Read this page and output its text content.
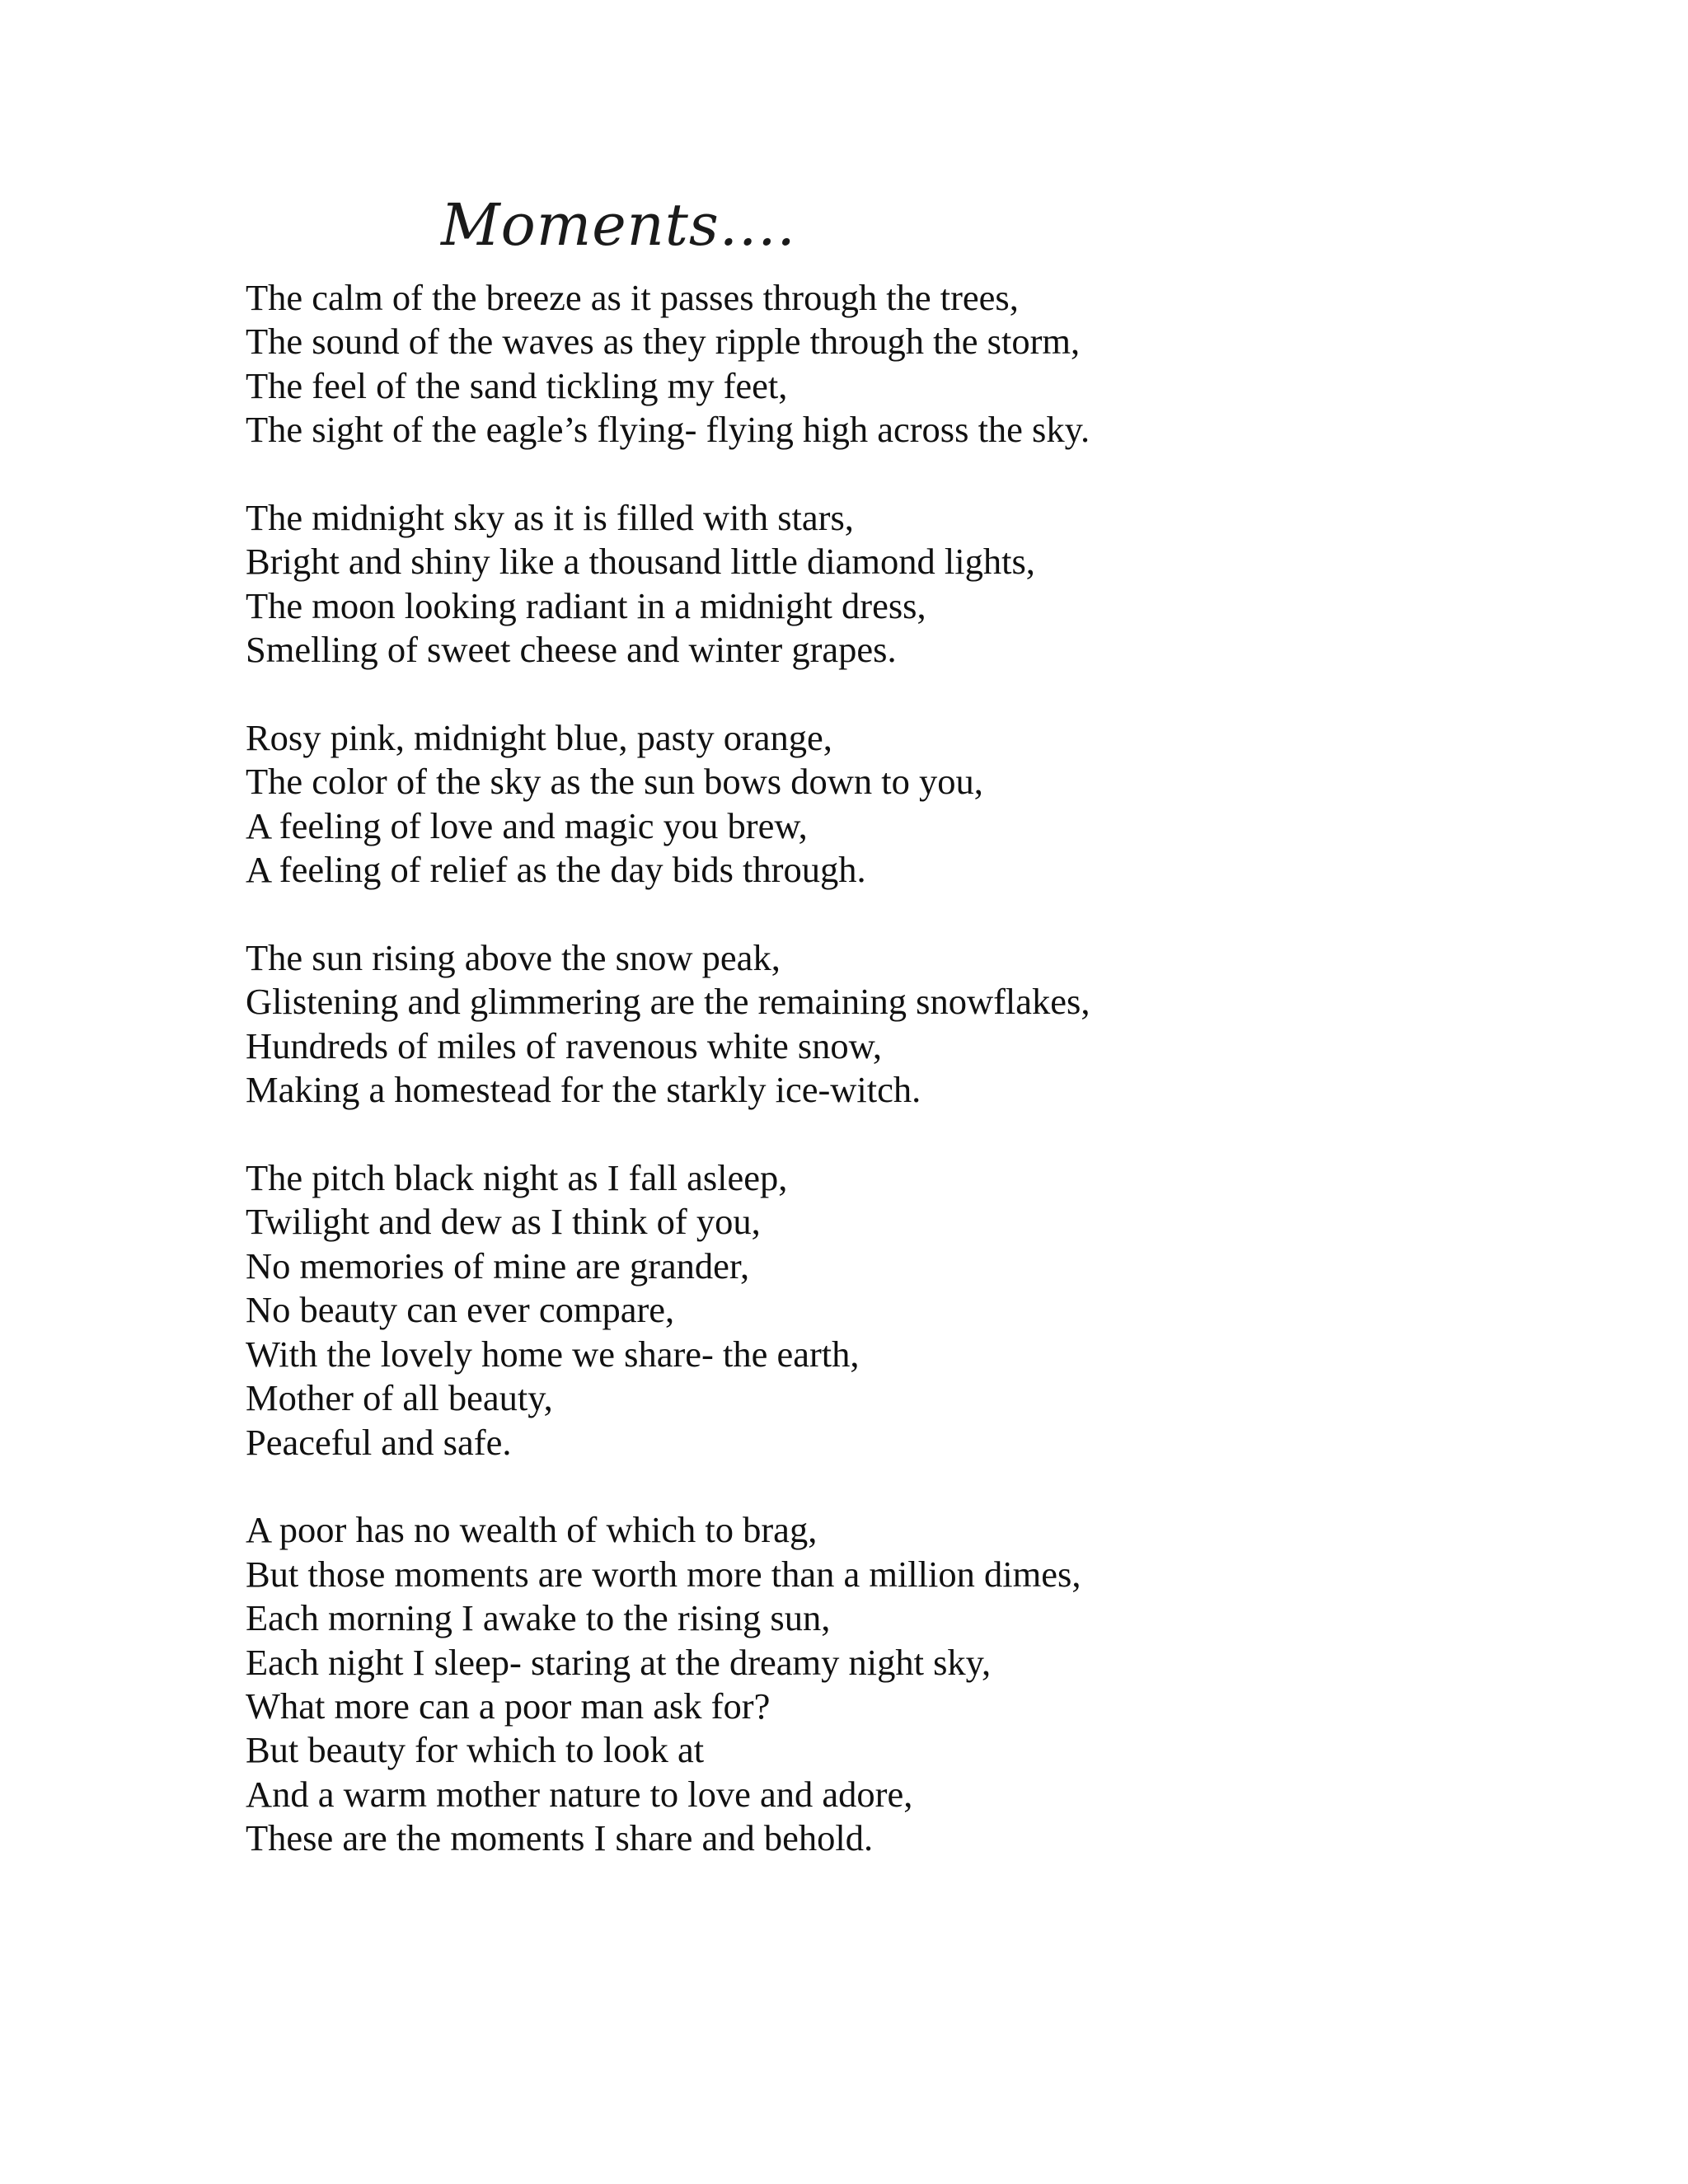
Moments....
The calm of the breeze as it passes through the trees,
The sound of the waves as they ripple through the storm,
The feel of the sand tickling my feet,
The sight of the eagle’s flying- flying high across the sky.
The midnight sky as it is filled with stars,
Bright and shiny like a thousand little diamond lights,
The moon looking radiant in a midnight dress,
Smelling of sweet cheese and winter grapes.
Rosy pink, midnight blue, pasty orange,
The color of the sky as the sun bows down to you,
A feeling of love and magic you brew,
A feeling of relief as the day bids through.
The sun rising above the snow peak,
Glistening and glimmering are the remaining snowflakes,
Hundreds of miles of ravenous white snow,
Making a homestead for the starkly ice-witch.
The pitch black night as I fall asleep,
Twilight and dew as I think of you,
No memories of mine are grander,
No beauty can ever compare,
With the lovely home we share- the earth,
Mother of all beauty,
Peaceful and safe.
A poor has no wealth of which to brag,
But those moments are worth more than a million dimes,
Each morning I awake to the rising sun,
Each night I sleep- staring at the dreamy night sky,
What more can a poor man ask for?
But beauty for which to look at
And a warm mother nature to love and adore,
These are the moments I share and behold.
